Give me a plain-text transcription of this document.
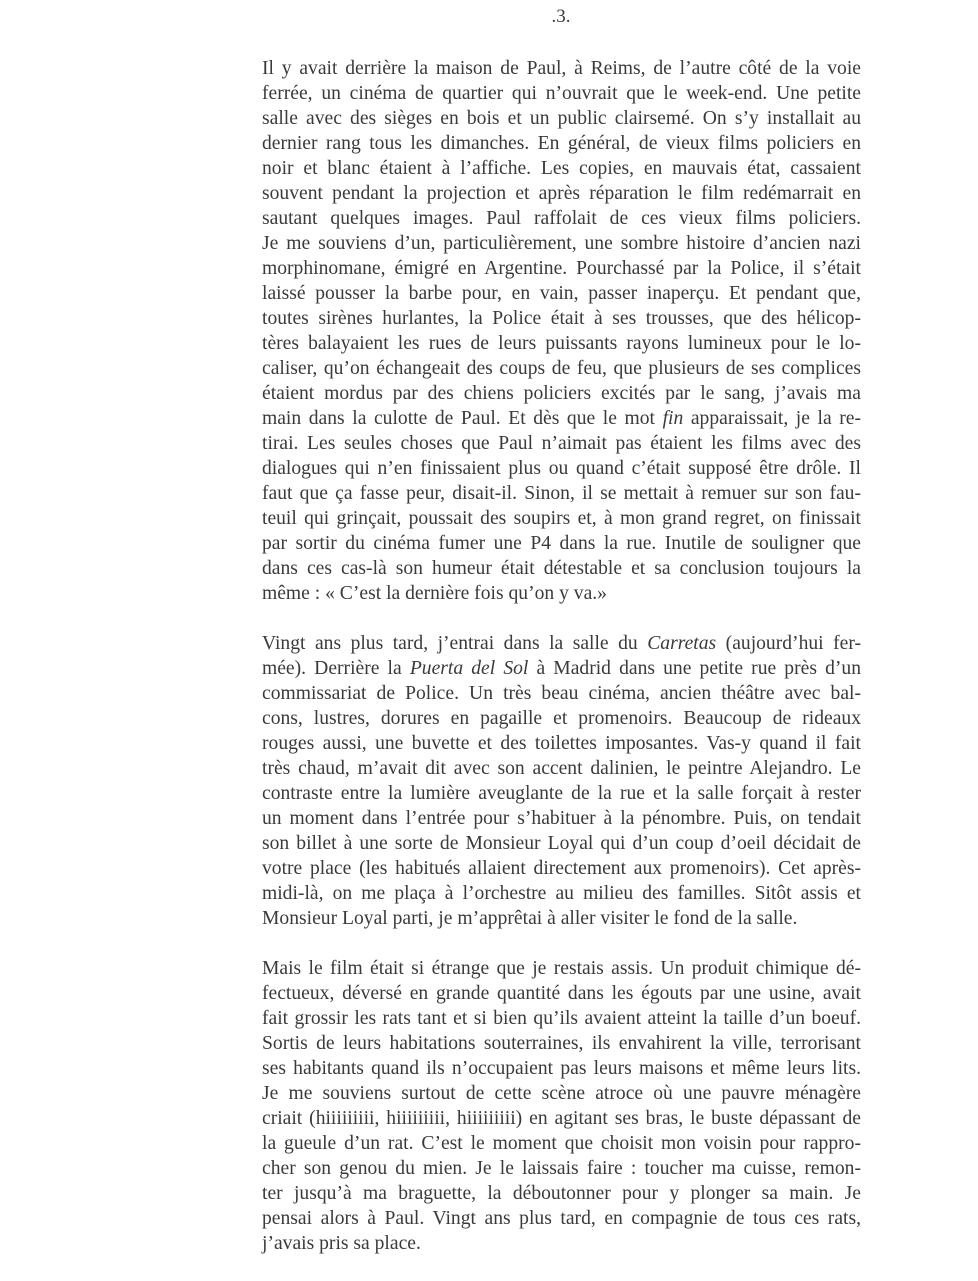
.3.

Il y avait derrière la maison de Paul, à Reims, de l’autre côté de la voie
ferrée, un cinéma de quartier qui n’ouvrait que le week-end. Une petite
salle avec des sièges en bois et un public clairsemé. On s’y installait au
dernier rang tous les dimanches. En général, de vieux films policiers en
noir et blanc étaient à l’affiche. Les copies, en mauvais état, cassaient
souvent pendant la projection et après réparation le film redémarrait en
sautant quelques images. Paul raffolait de ces vieux films policiers.
Je me souviens d’un, particulièrement, une sombre histoire d’ancien nazi
morphinomane, émigré en Argentine. Pourchassé par la Police, il s’était
laissé pousser la barbe pour, en vain, passer inaperçu. Et pendant que,
toutes sirènes hurlantes, la Police était à ses trousses, que des hélicop-
tères balayaient les rues de leurs puissants rayons lumineux pour le lo-
caliser, qu’on échangeait des coups de feu, que plusieurs de ses complices
étaient mordus par des chiens policiers excités par le sang, j’avais ma
main dans la culotte de Paul. Et dès que le mot fin apparaissait, je la re-
tirai. Les seules choses que Paul n’aimait pas étaient les films avec des
dialogues qui n’en finissaient plus ou quand c’était supposé être drôle. Il
faut que ça fasse peur, disait-il. Sinon, il se mettait à remuer sur son fau-
teuil qui grinçait, poussait des soupirs et, à mon grand regret, on finissait
par sortir du cinéma fumer une P4 dans la rue. Inutile de souligner que
dans ces cas-là son humeur était détestable et sa conclusion toujours la
même : « C’est la dernière fois qu’on y va.»

Vingt ans plus tard, j’entrai dans la salle du Carretas (aujourd’hui fer-
mée). Derrière la Puerta del Sol à Madrid dans une petite rue près d’un
commissariat de Police. Un très beau cinéma, ancien théâtre avec bal-
cons, lustres, dorures en pagaille et promenoirs. Beaucoup de rideaux
rouges aussi, une buvette et des toilettes imposantes. Vas-y quand il fait
très chaud, m’avait dit avec son accent dalinien, le peintre Alejandro. Le
contraste entre la lumière aveuglante de la rue et la salle forçait à rester
un moment dans l’entrée pour s’habituer à la pénombre. Puis, on tendait
son billet à une sorte de Monsieur Loyal qui d’un coup d’oeil décidait de
votre place (les habitués allaient directement aux promenoirs). Cet après-
midi-là, on me plaça à l’orchestre au milieu des familles. Sitôt assis et
Monsieur Loyal parti, je m’apprêtai à aller visiter le fond de la salle.

Mais le film était si étrange que je restais assis. Un produit chimique dé-
fectueux, déversé en grande quantité dans les égouts par une usine, avait
fait grossir les rats tant et si bien qu’ils avaient atteint la taille d’un boeuf.
Sortis de leurs habitations souterraines, ils envahirent la ville, terrorisant
ses habitants quand ils n’occupaient pas leurs maisons et même leurs lits.
Je me souviens surtout de cette scène atroce où une pauvre ménagère
criait (hiiiiiiiii, hiiiiiiiii, hiiiiiiiii) en agitant ses bras, le buste dépassant de
la gueule d’un rat. C’est le moment que choisit mon voisin pour rappro-
cher son genou du mien. Je le laissais faire : toucher ma cuisse, remon-
ter jusqu’à ma braguette, la déboutonner pour y plonger sa main. Je
pensai alors à Paul. Vingt ans plus tard, en compagnie de tous ces rats,
j’avais pris sa place.
